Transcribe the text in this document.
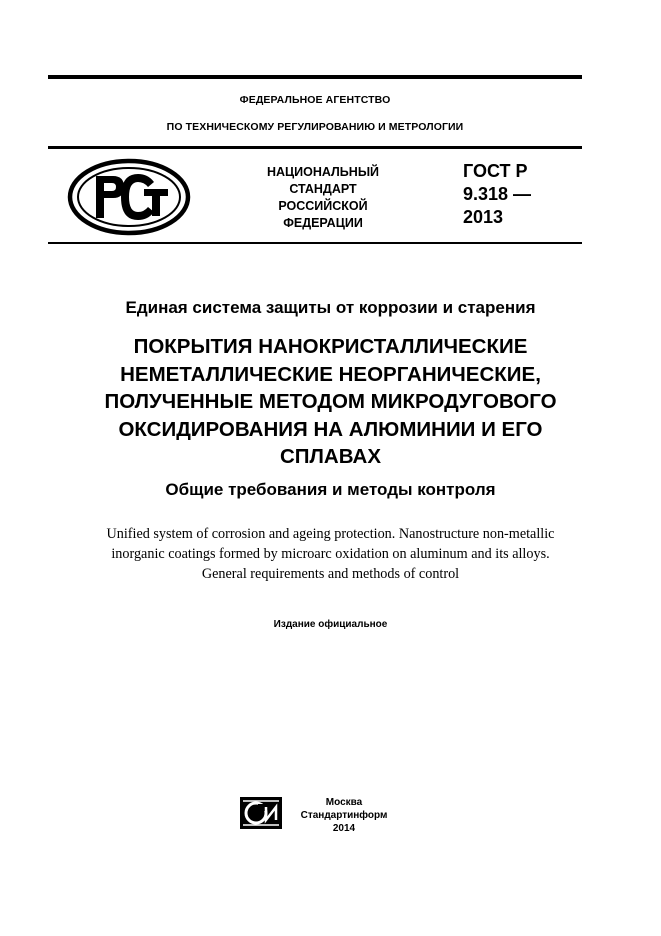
ФЕДЕРАЛЬНОЕ АГЕНТСТВО
ПО ТЕХНИЧЕСКОМУ РЕГУЛИРОВАНИЮ И МЕТРОЛОГИИ
НАЦИОНАЛЬНЫЙ
СТАНДАРТ
РОССИЙСКОЙ
ФЕДЕРАЦИИ
ГОСТ Р
9.318 —
2013
Единая система защиты от коррозии и старения
ПОКРЫТИЯ НАНОКРИСТАЛЛИЧЕСКИЕ
НЕМЕТАЛЛИЧЕСКИЕ НЕОРГАНИЧЕСКИЕ,
ПОЛУЧЕННЫЕ МЕТОДОМ МИКРОДУГОВОГО
ОКСИДИРОВАНИЯ НА АЛЮМИНИИ И ЕГО
СПЛАВАХ
Общие требования и методы контроля
Unified system of corrosion and ageing protection. Nanostructure non-metallic
inorganic coatings formed by microarc oxidation on aluminum and its alloys.
General requirements and methods of control
Издание официальное
Москва
Стандартинформ
2014
